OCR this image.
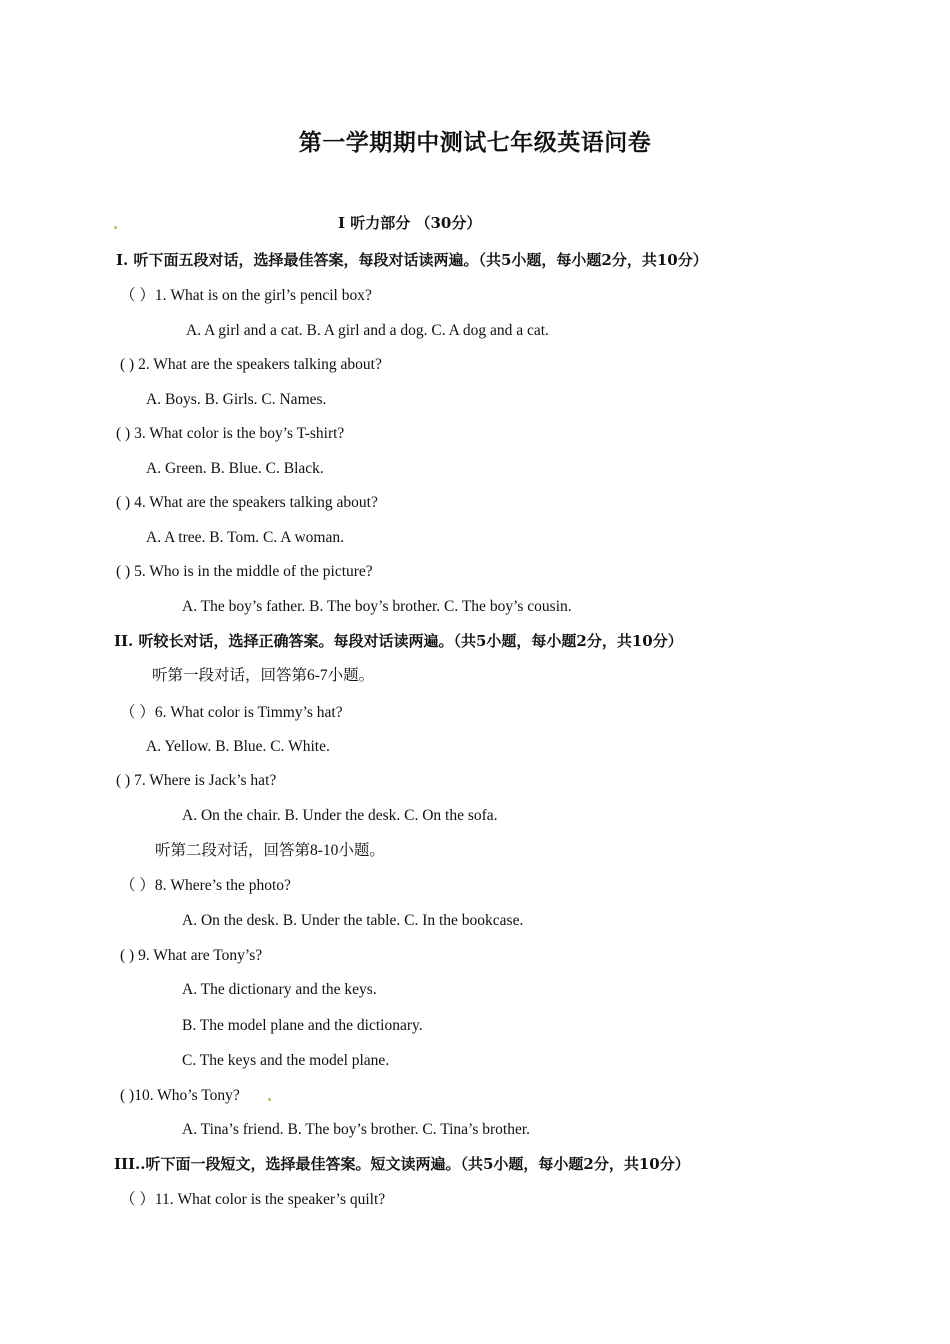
第一学期期中测试七年级英语问卷
Ⅰ 听力部分 （30分）
Ⅰ. 听下面五段对话，选择最佳答案，每段对话读两遍。（共5小题，每小题2分，共10分）
（ ）1. What is on the girl’s pencil box?
A. A girl and a cat. B. A girl and a dog. C. A dog and a cat.
( ) 2. What are the speakers talking about?
A. Boys. B. Girls. C. Names.
( ) 3. What color is the boy’s T-shirt?
A. Green. B. Blue. C. Black.
( ) 4. What are the speakers talking about?
A. A tree. B. Tom. C. A woman.
( ) 5. Who is in the middle of the picture?
A. The boy’s father. B. The boy’s brother. C. The boy’s cousin.
II. 听较长对话，选择正确答案。每段对话读两遍。（共5小题，每小题2分，共10分）
听第一段对话，回答第6-7小题。
（ ）6. What color is Timmy’s hat?
A. Yellow. B. Blue. C. White.
( ) 7. Where is Jack’s hat?
A. On the chair. B. Under the desk. C. On the sofa.
听第二段对话，回答第8-10小题。
（ ）8. Where’s the photo?
A. On the desk. B. Under the table. C. In the bookcase.
( ) 9. What are Tony’s?
A. The dictionary and the keys.
B. The model plane and the dictionary.
C. The keys and the model plane.
( )10. Who’s Tony?
A. Tina’s friend. B. The boy’s brother. C. Tina’s brother.
III..听下面一段短文，选择最佳答案。短文读两遍。（共5小题，每小题2分，共10分）
（ ）11. What color is the speaker’s quilt?
